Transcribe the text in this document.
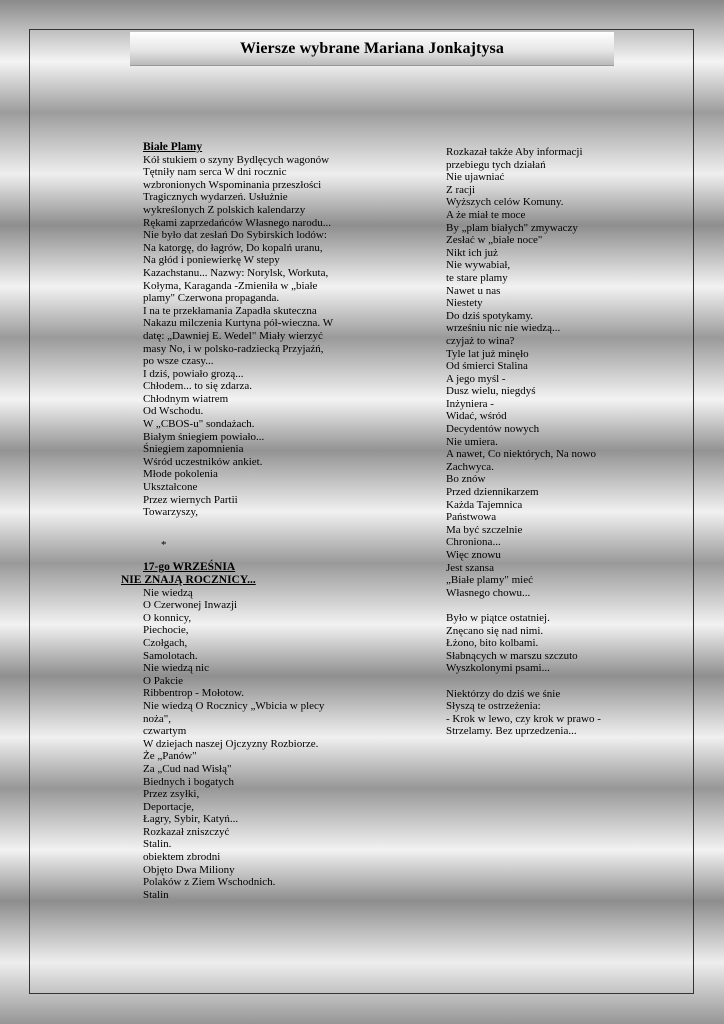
Wiersze wybrane Mariana Jonkajtysa
Białe Plamy
Kół stukiem o szyny Bydlęcych wagonów
Tętniły nam serca W dni rocznic
wzbronionych Wspominania przeszłości
Tragicznych wydarzeń. Usłużnie
wykreślonych Z polskich kalendarzy
Rękami zaprzedańców Własnego narodu...
Nie było dat zesłań Do Sybirskich lodów:
Na katorgę, do łagrów, Do kopalń uranu,
Na głód i poniewierkę W stepy
Kazachstanu... Nazwy: Norylsk, Workuta,
Kołyma, Karaganda -Zmieniła w „białe
plamy" Czerwona propaganda.
I na te przekłamania Zapadła skuteczna
Nakazu milczenia Kurtyna pół-wieczna. W
datę: „Dawniej E. Wedel" Miały wierzyć
masy No, i w polsko-radziecką Przyjaźń,
po wsze czasy...
I dziś, powiało grozą...
Chłodem... to się zdarza.
Chłodnym wiatrem
Od Wschodu.
W „CBOS-u" sondażach.
Białym śniegiem powiało...
Śniegiem zapomnienia
Wśród uczestników ankiet.
Młode pokolenia
Ukształcone
Przez wiernych Partii
Towarzyszy,
*
17-go WRZEŚNIA
NIE ZNAJĄ ROCZNICY...
Nie wiedzą
O Czerwonej Inwazji
O konnicy,
Piechocie,
Czołgach,
Samolotach.
Nie wiedzą nic
O Pakcie
Ribbentrop - Mołotow.
Nie wiedzą O Rocznicy „Wbicia w plecy
noża",
czwartym
W dziejach naszej Ojczyzny Rozbiorze.
Że „Panów"
Za „Cud nad Wisłą"
Biednych i bogatych
Przez zsyłki,
Deportacje,
Łagry, Sybir, Katyń...
Rozkazał zniszczyć
Stalin.
obiektem zbrodni
Objęto Dwa Miliony
Polaków z Ziem Wschodnich.
Stalin
Rozkazał także Aby informacji
przebiegu tych działań
Nie ujawniać
Z racji
Wyższych celów Komuny.
A że miał te moce
By „plam białych" zmywaczy
Zesłać w „białe noce"
Nikt ich już
Nie wywabiał,
te stare plamy
Nawet u nas
Niestety
Do dziś spotykamy.
wrześniu nic nie wiedzą...
czyjaż to wina?
Tyle lat już minęło
Od śmierci Stalina
A jego myśl -
Dusz wielu, niegdyś
Inżyniera -
Widać, wśród
Decydentów nowych
Nie umiera.
A nawet, Co niektórych, Na nowo
Zachwyca.
Bo znów
Przed dziennikarzem
Każda Tajemnica
Państwowa
Ma być szczelnie
Chroniona...
Więc znowu
Jest szansa
„Białe plamy" mieć
Własnego chowu...
Było w piątce ostatniej.
Znęcano się nad nimi.
Łżono, bito kolbami.
Słabnących w marszu szczuto
Wyszkolonymi psami...
Niektórzy do dziś we śnie
Słyszą te ostrzeżenia:
- Krok w lewo, czy krok w prawo -
Strzelamy. Bez uprzedzenia...
